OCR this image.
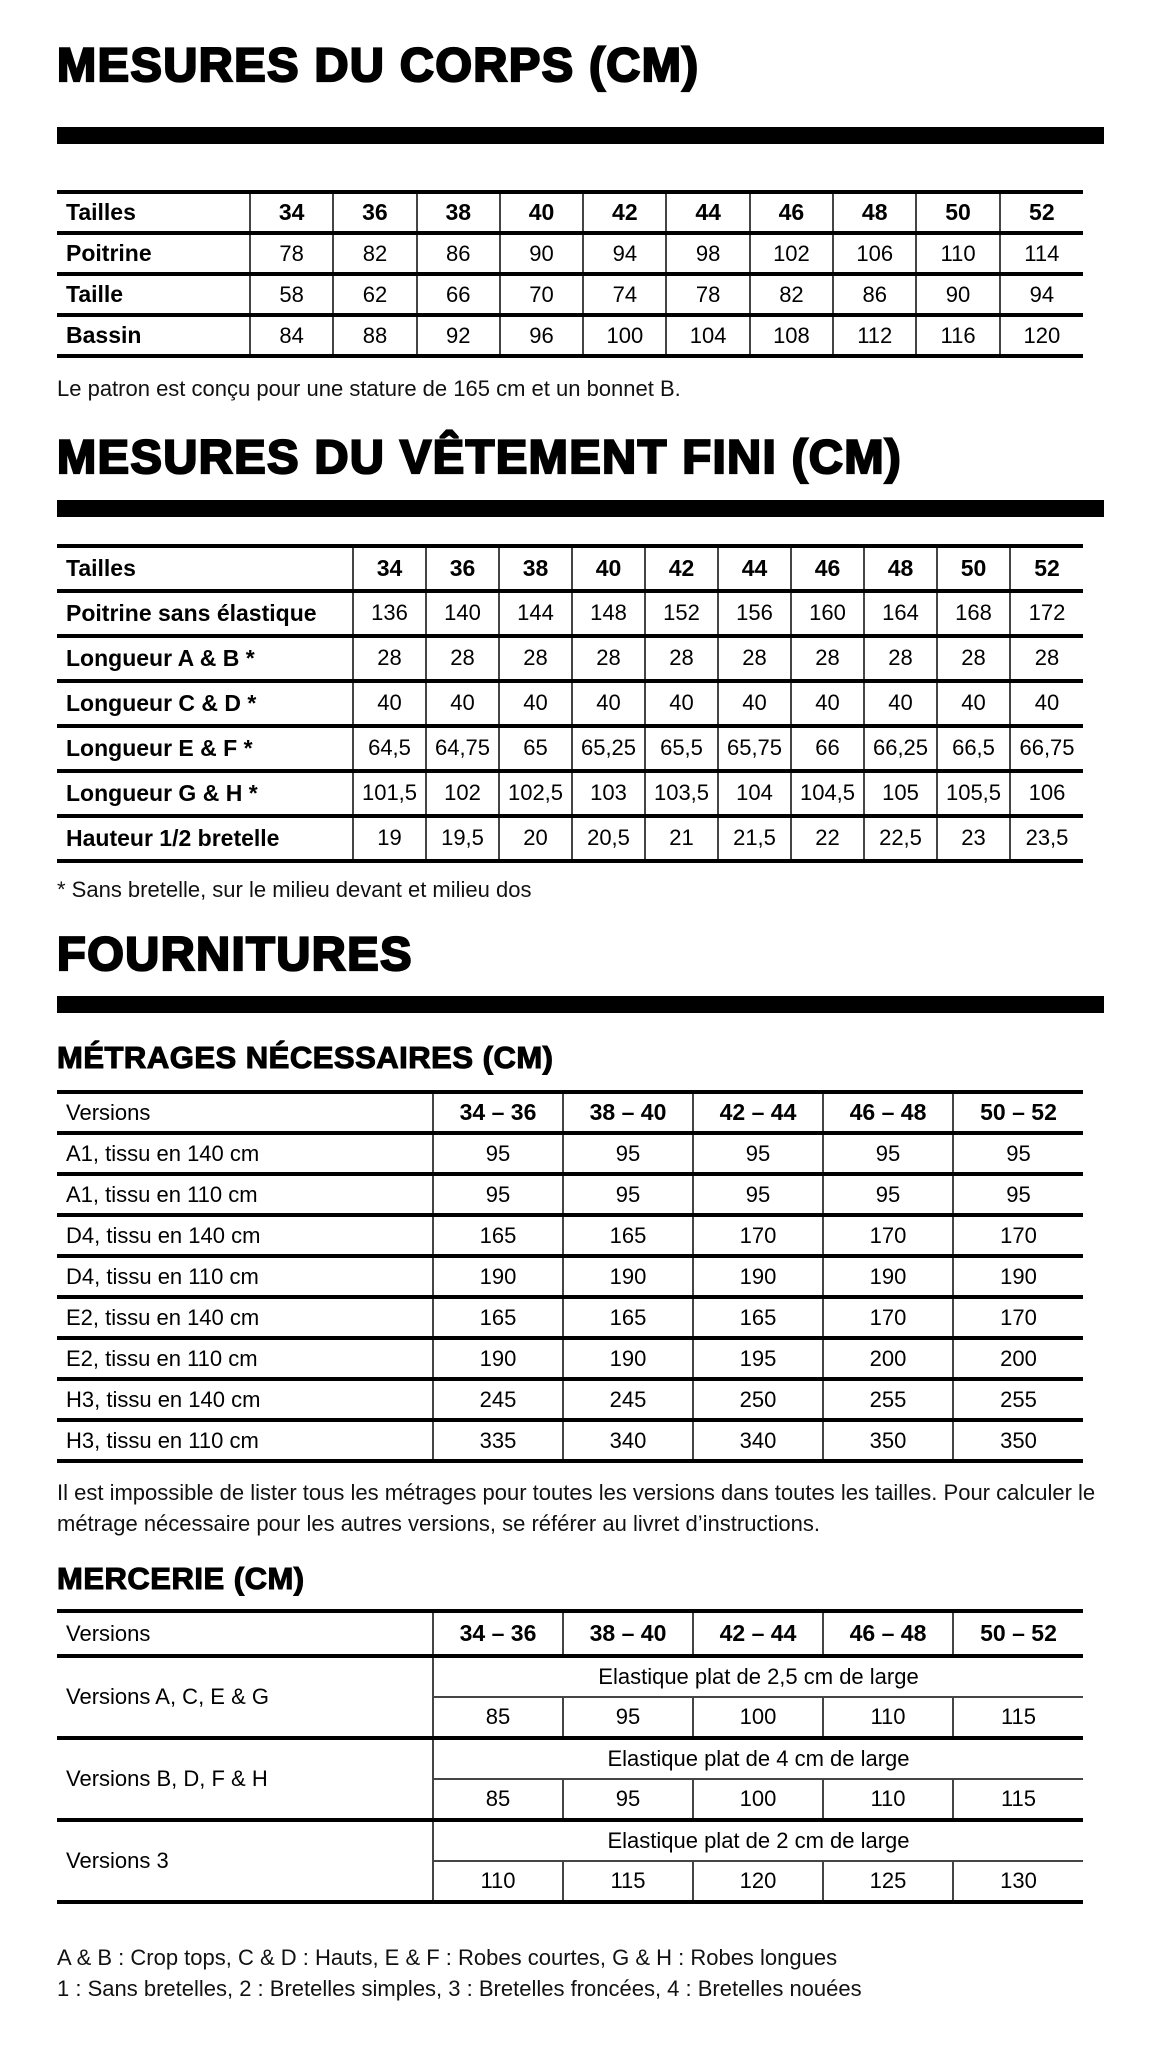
MESURES DU CORPS (CM)
Tailles	34	36	38	40	42	44	46	48	50	52
Poitrine	78	82	86	90	94	98	102	106	110	114
Taille	58	62	66	70	74	78	82	86	90	94
Bassin	84	88	92	96	100	104	108	112	116	120
Le patron est conçu pour une stature de 165 cm et un bonnet B.
MESURES DU VÊTEMENT FINI (CM)
Tailles	34	36	38	40	42	44	46	48	50	52
Poitrine sans élastique	136	140	144	148	152	156	160	164	168	172
Longueur A & B *	28	28	28	28	28	28	28	28	28	28
Longueur C & D *	40	40	40	40	40	40	40	40	40	40
Longueur E & F *	64,5	64,75	65	65,25	65,5	65,75	66	66,25	66,5	66,75
Longueur G & H *	101,5	102	102,5	103	103,5	104	104,5	105	105,5	106
Hauteur 1/2 bretelle	19	19,5	20	20,5	21	21,5	22	22,5	23	23,5
* Sans bretelle, sur le milieu devant et milieu dos
FOURNITURES
MÉTRAGES NÉCESSAIRES (CM)
Versions	34 – 36	38 – 40	42 – 44	46 – 48	50 – 52
A1, tissu en 140 cm	95	95	95	95	95
A1, tissu en 110 cm	95	95	95	95	95
D4, tissu en 140 cm	165	165	170	170	170
D4, tissu en 110 cm	190	190	190	190	190
E2, tissu en 140 cm	165	165	165	170	170
E2, tissu en 110 cm	190	190	195	200	200
H3, tissu en 140 cm	245	245	250	255	255
H3, tissu en 110 cm	335	340	340	350	350
Il est impossible de lister tous les métrages pour toutes les versions dans toutes les tailles. Pour calculer le métrage nécessaire pour les autres versions, se référer au livret d’instructions.
MERCERIE (CM)
Versions	34 – 36	38 – 40	42 – 44	46 – 48	50 – 52
Versions A, C, E & G	Elastique plat de 2,5 cm de large				
	85	95	100	110	115
Versions B, D, F & H	Elastique plat de 4 cm de large				
	85	95	100	110	115
Versions 3	Elastique plat de 2 cm de large				
	110	115	120	125	130
A & B : Crop tops, C & D : Hauts, E & F : Robes courtes, G & H : Robes longues
1 : Sans bretelles, 2 : Bretelles simples, 3 : Bretelles froncées, 4 : Bretelles nouées
